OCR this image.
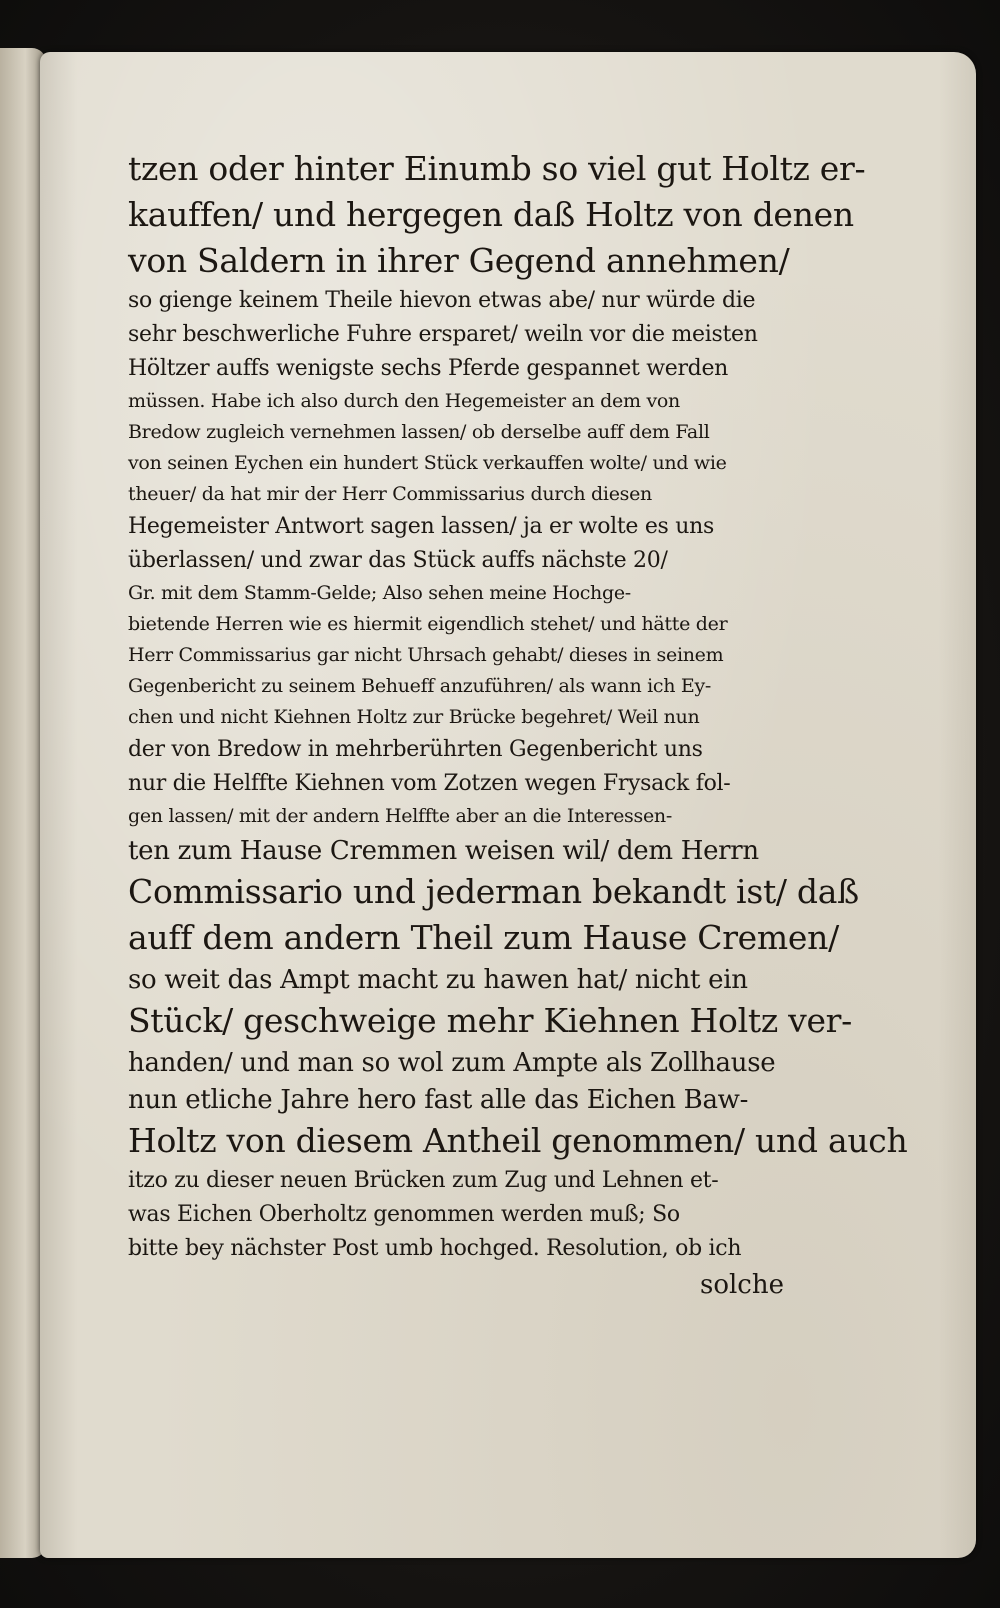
tzen oder hinter Einumb so viel gut Holtz er-
kauffen/ und hergegen daß Holtz von denen
von Saldern in ihrer Gegend annehmen/
so gienge keinem Theile hievon etwas abe/ nur würde die
sehr beschwerliche Fuhre ersparet/ weiln vor die meisten
Höltzer auffs wenigste sechs Pferde gespannet werden
müssen. Habe ich also durch den Hegemeister an dem von
Bredow zugleich vernehmen lassen/ ob derselbe auff dem Fall
von seinen Eychen ein hundert Stück verkauffen wolte/ und wie
theuer/ da hat mir der Herr Commissarius durch diesen
Hegemeister Antwort sagen lassen/ ja er wolte es uns
überlassen/ und zwar das Stück auffs nächste 20/
Gr. mit dem Stamm-Gelde; Also sehen meine Hochge-
bietende Herren wie es hiermit eigendlich stehet/ und hätte der
Herr Commissarius gar nicht Uhrsach gehabt/ dieses in seinem
Gegenbericht zu seinem Behueff anzuführen/ als wann ich Ey-
chen und nicht Kiehnen Holtz zur Brücke begehret/ Weil nun
der von Bredow in mehrberührten Gegenbericht uns
nur die Helffte Kiehnen vom Zotzen wegen Frysack fol-
gen lassen/ mit der andern Helffte aber an die Interessen-
ten zum Hause Cremmen weisen wil/ dem Herrn
Commissario und jederman bekandt ist/ daß
auff dem andern Theil zum Hause Cremen/
so weit das Ampt macht zu hawen hat/ nicht ein
Stück/ geschweige mehr Kiehnen Holtz ver-
handen/ und man so wol zum Ampte als Zollhause
nun etliche Jahre hero fast alle das Eichen Baw-
Holtz von diesem Antheil genommen/ und auch
itzo zu dieser neuen Brücken zum Zug und Lehnen et-
was Eichen Oberholtz genommen werden muß; So
bitte bey nächster Post umb hochged. Resolution, ob ich
solche
